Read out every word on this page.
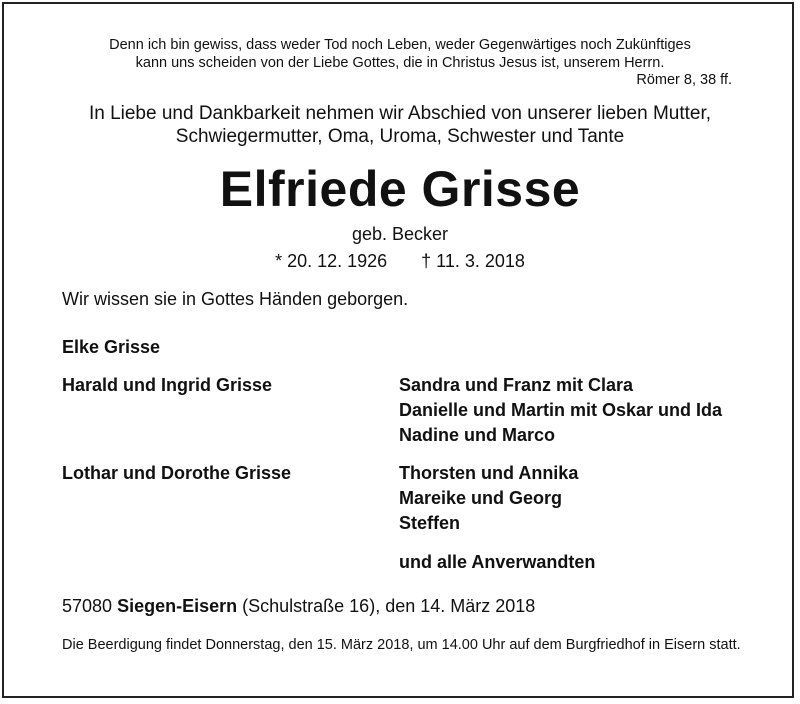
Denn ich bin gewiss, dass weder Tod noch Leben, weder Gegenwärtiges noch Zukünftiges
kann uns scheiden von der Liebe Gottes, die in Christus Jesus ist, unserem Herrn.
Römer 8, 38 ff.
In Liebe und Dankbarkeit nehmen wir Abschied von unserer lieben Mutter,
Schwiegermutter, Oma, Uroma, Schwester und Tante
Elfriede Grisse
geb. Becker
* 20. 12. 1926 † 11. 3. 2018
Wir wissen sie in Gottes Händen geborgen.
Elke Grisse
Harald und Ingrid Grisse	Sandra und Franz mit Clara
Danielle und Martin mit Oskar und Ida
Nadine und Marco
Lothar und Dorothe Grisse	Thorsten und Annika
Mareike und Georg
Steffen
und alle Anverwandten
57080 Siegen-Eisern (Schulstraße 16), den 14. März 2018
Die Beerdigung findet Donnerstag, den 15. März 2018, um 14.00 Uhr auf dem Burgfriedhof in Eisern statt.
